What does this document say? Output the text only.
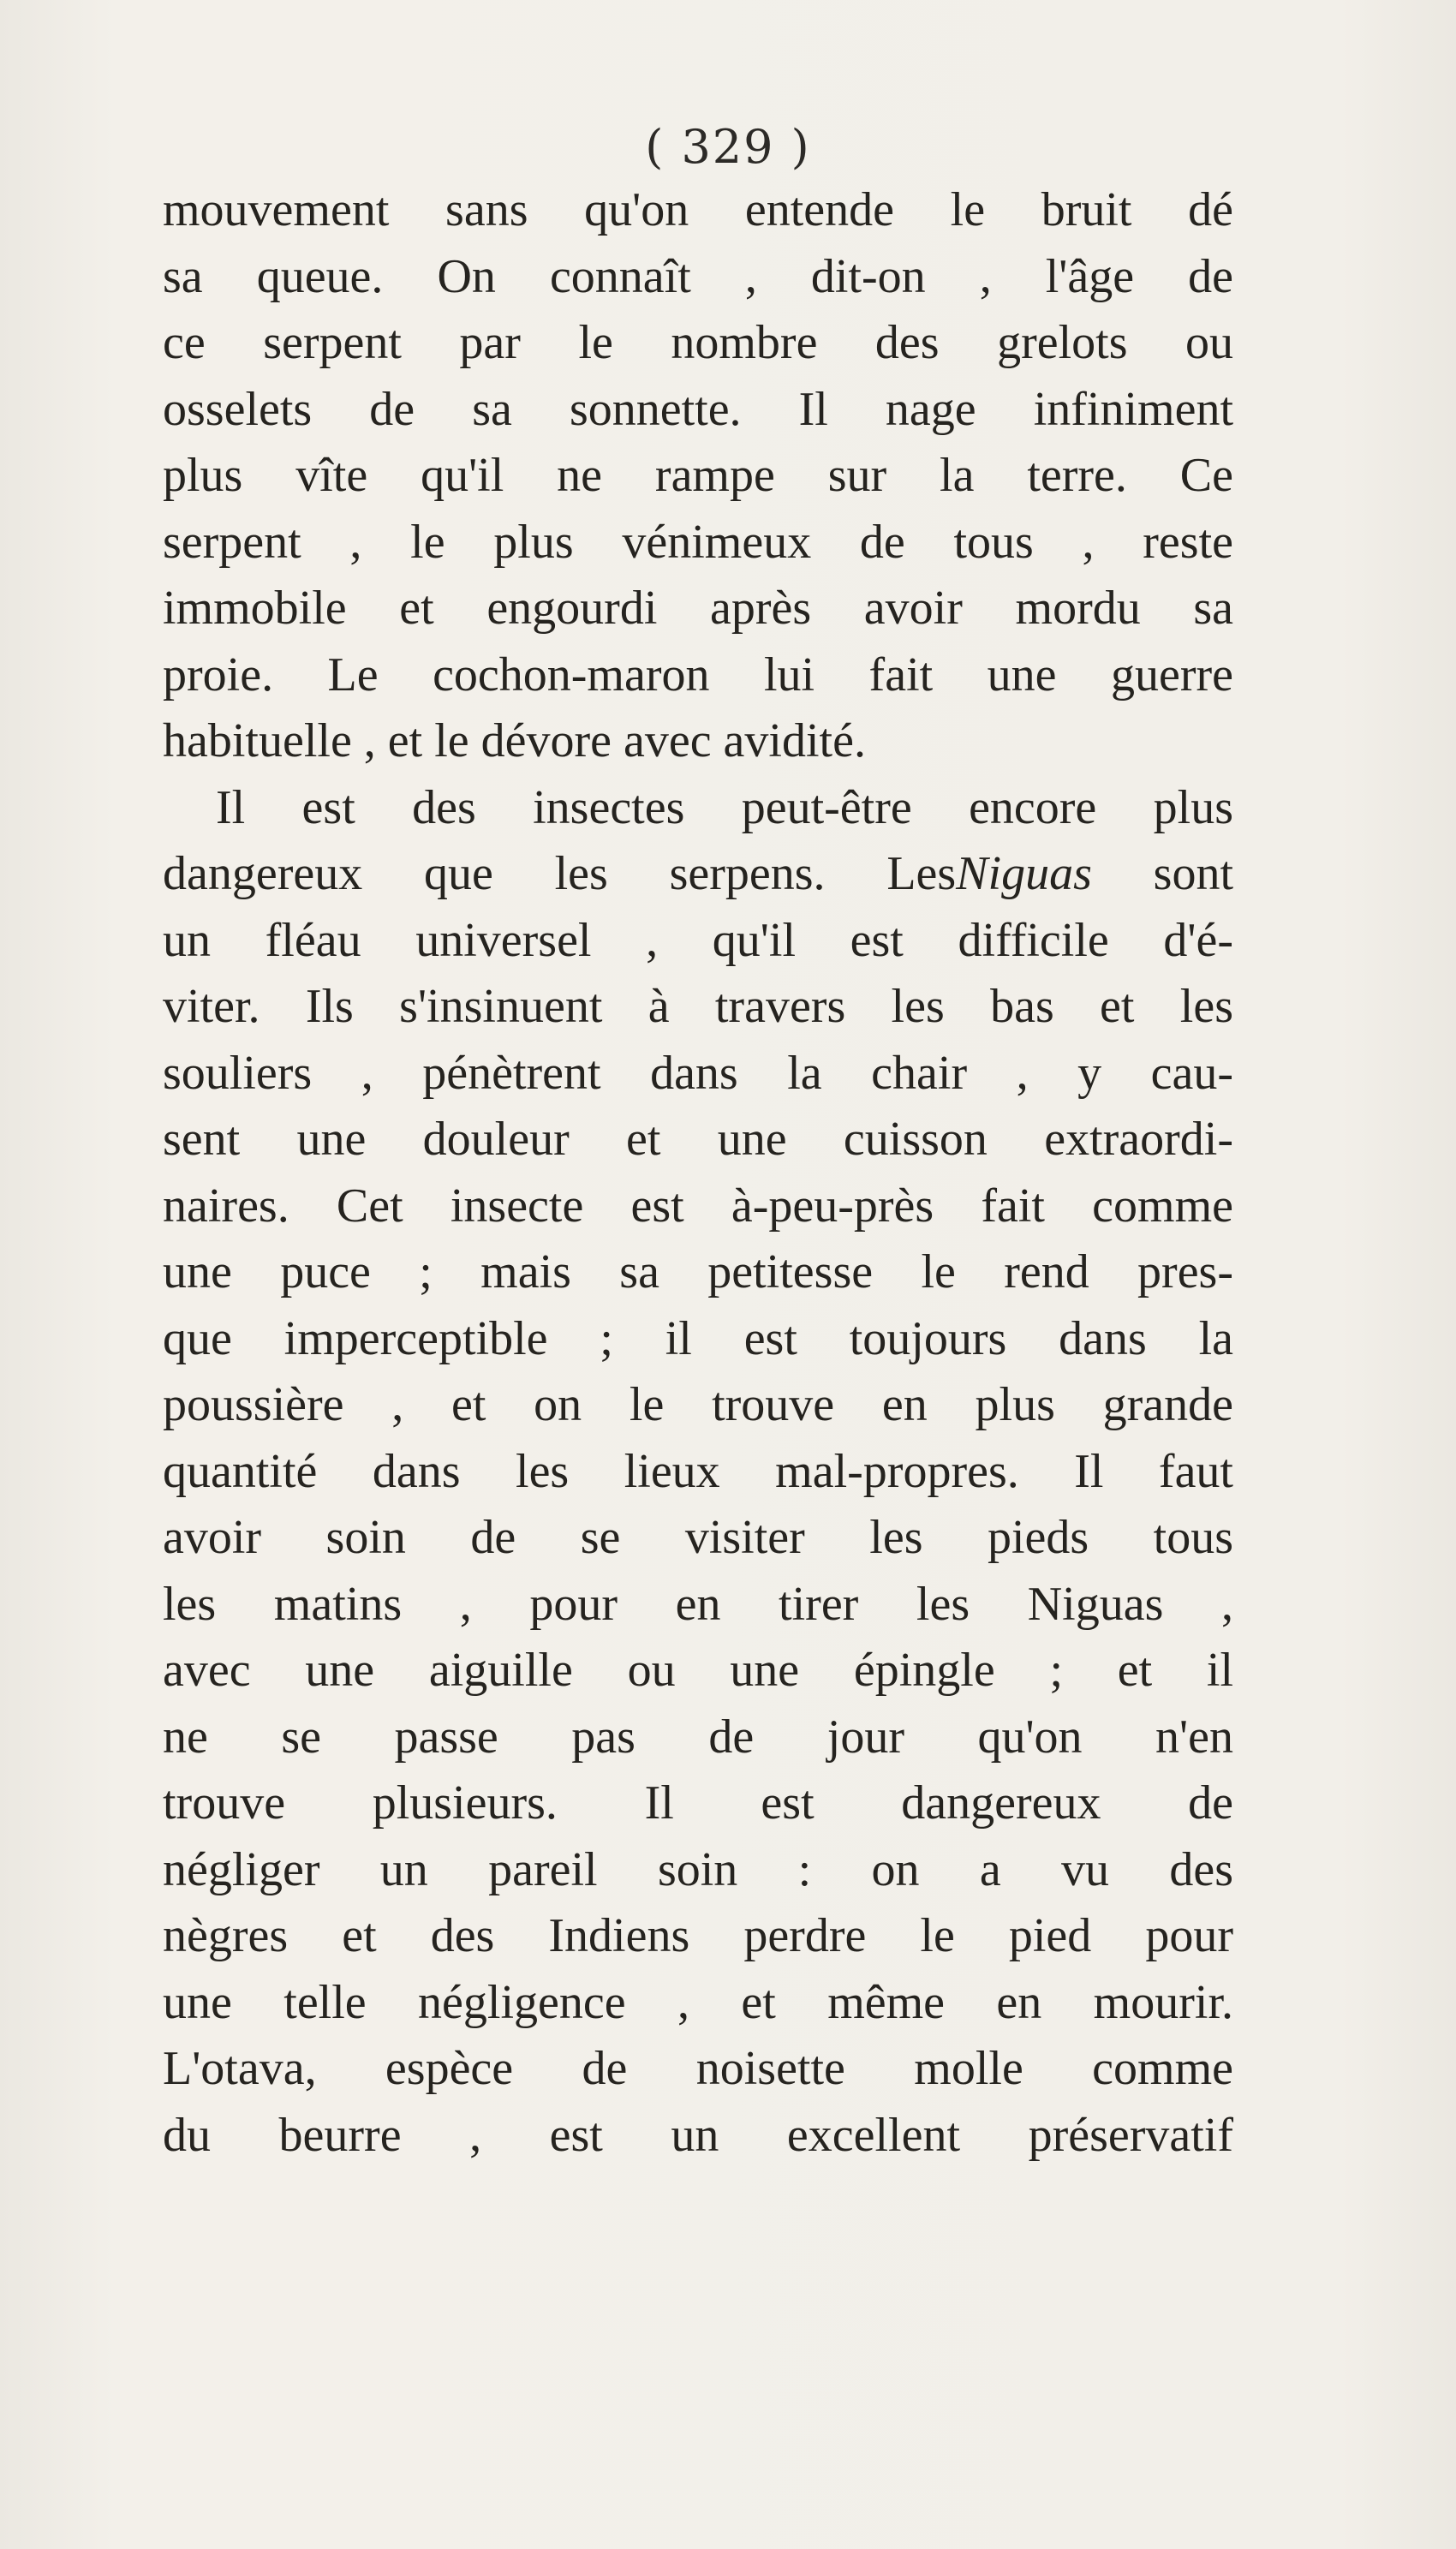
( 329 )
mouvement sans qu'on entende le bruit dé
sa queue. On connaît , dit-on , l'âge de
ce serpent par le nombre des grelots ou
osselets de sa sonnette. Il nage infiniment
plus vîte qu'il ne rampe sur la terre. Ce
serpent , le plus vénimeux de tous , reste
immobile et engourdi après avoir mordu sa
proie. Le cochon-maron lui fait une guerre
habituelle , et le dévore avec avidité.
Il est des insectes peut-être encore plus
dangereux que les serpens. LesNiguas sont
un fléau universel , qu'il est difficile d'é-
viter. Ils s'insinuent à travers les bas et les
souliers , pénètrent dans la chair , y cau-
sent une douleur et une cuisson extraordi-
naires. Cet insecte est à-peu-près fait comme
une puce ; mais sa petitesse le rend pres-
que imperceptible ; il est toujours dans la
poussière , et on le trouve en plus grande
quantité dans les lieux mal-propres. Il faut
avoir soin de se visiter les pieds tous
les matins , pour en tirer les Niguas ,
avec une aiguille ou une épingle ; et il
ne se passe pas de jour qu'on n'en
trouve plusieurs. Il est dangereux de
négliger un pareil soin : on a vu des
nègres et des Indiens perdre le pied pour
une telle négligence , et même en mourir.
L'otava, espèce de noisette molle comme
du beurre , est un excellent préservatif
